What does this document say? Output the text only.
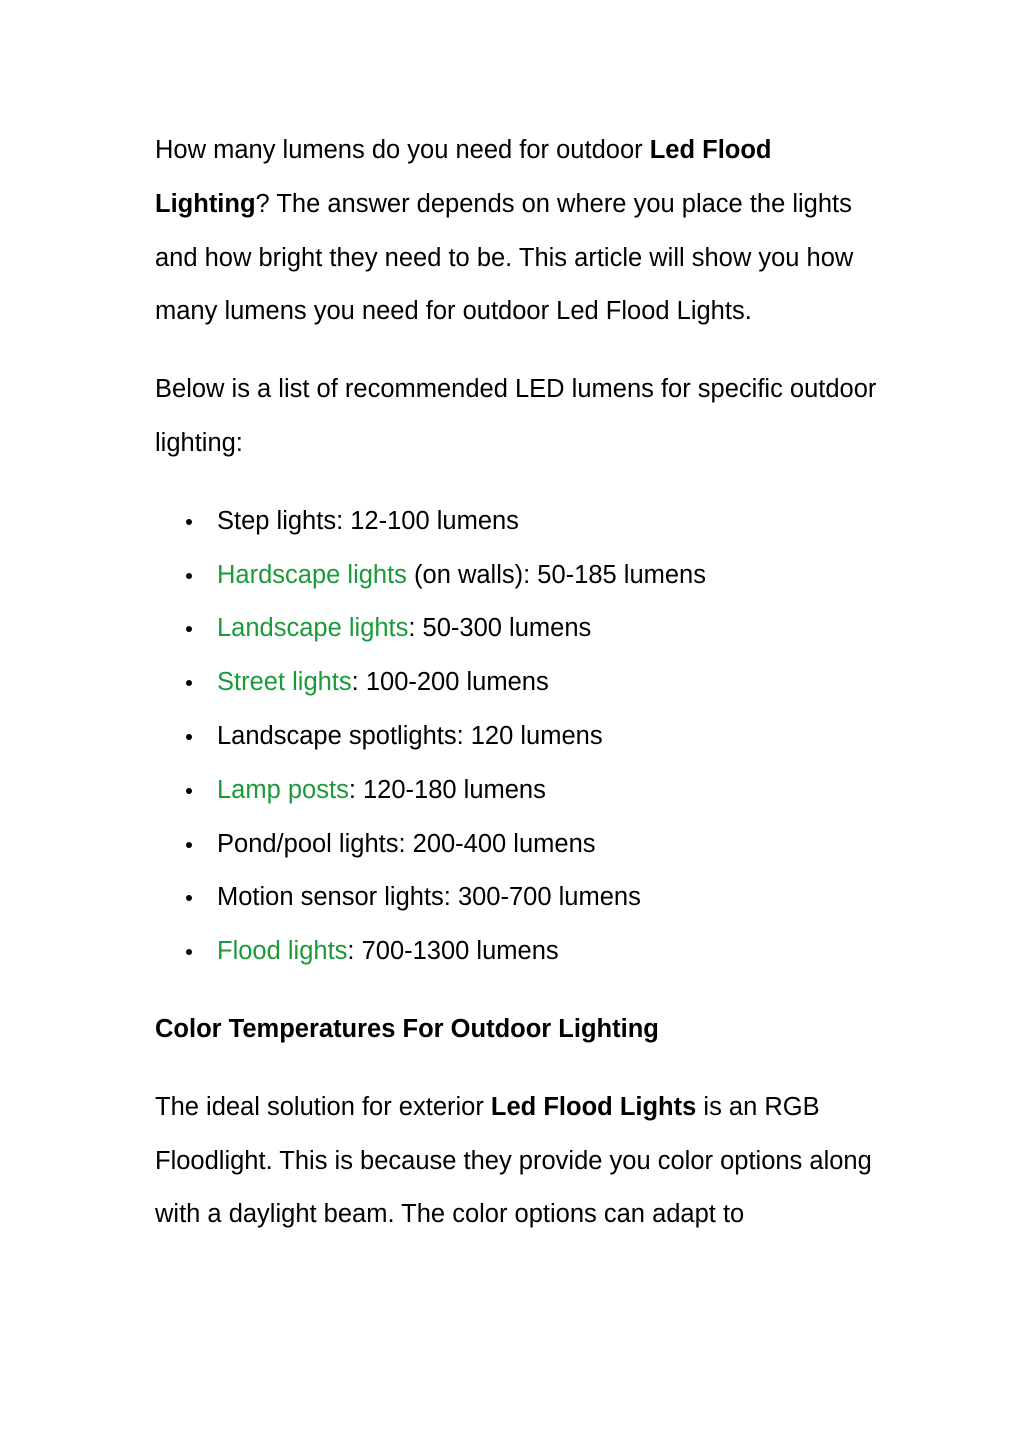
How many lumens do you need for outdoor Led Flood Lighting? The answer depends on where you place the lights and how bright they need to be. This article will show you how many lumens you need for outdoor Led Flood Lights.

Below is a list of recommended LED lumens for specific outdoor lighting:

Step lights: 12-100 lumens
Hardscape lights (on walls): 50-185 lumens
Landscape lights: 50-300 lumens
Street lights: 100-200 lumens
Landscape spotlights: 120 lumens
Lamp posts: 120-180 lumens
Pond/pool lights: 200-400 lumens
Motion sensor lights: 300-700 lumens
Flood lights: 700-1300 lumens

Color Temperatures For Outdoor Lighting

The ideal solution for exterior Led Flood Lights is an RGB Floodlight. This is because they provide you color options along with a daylight beam. The color options can adapt to
